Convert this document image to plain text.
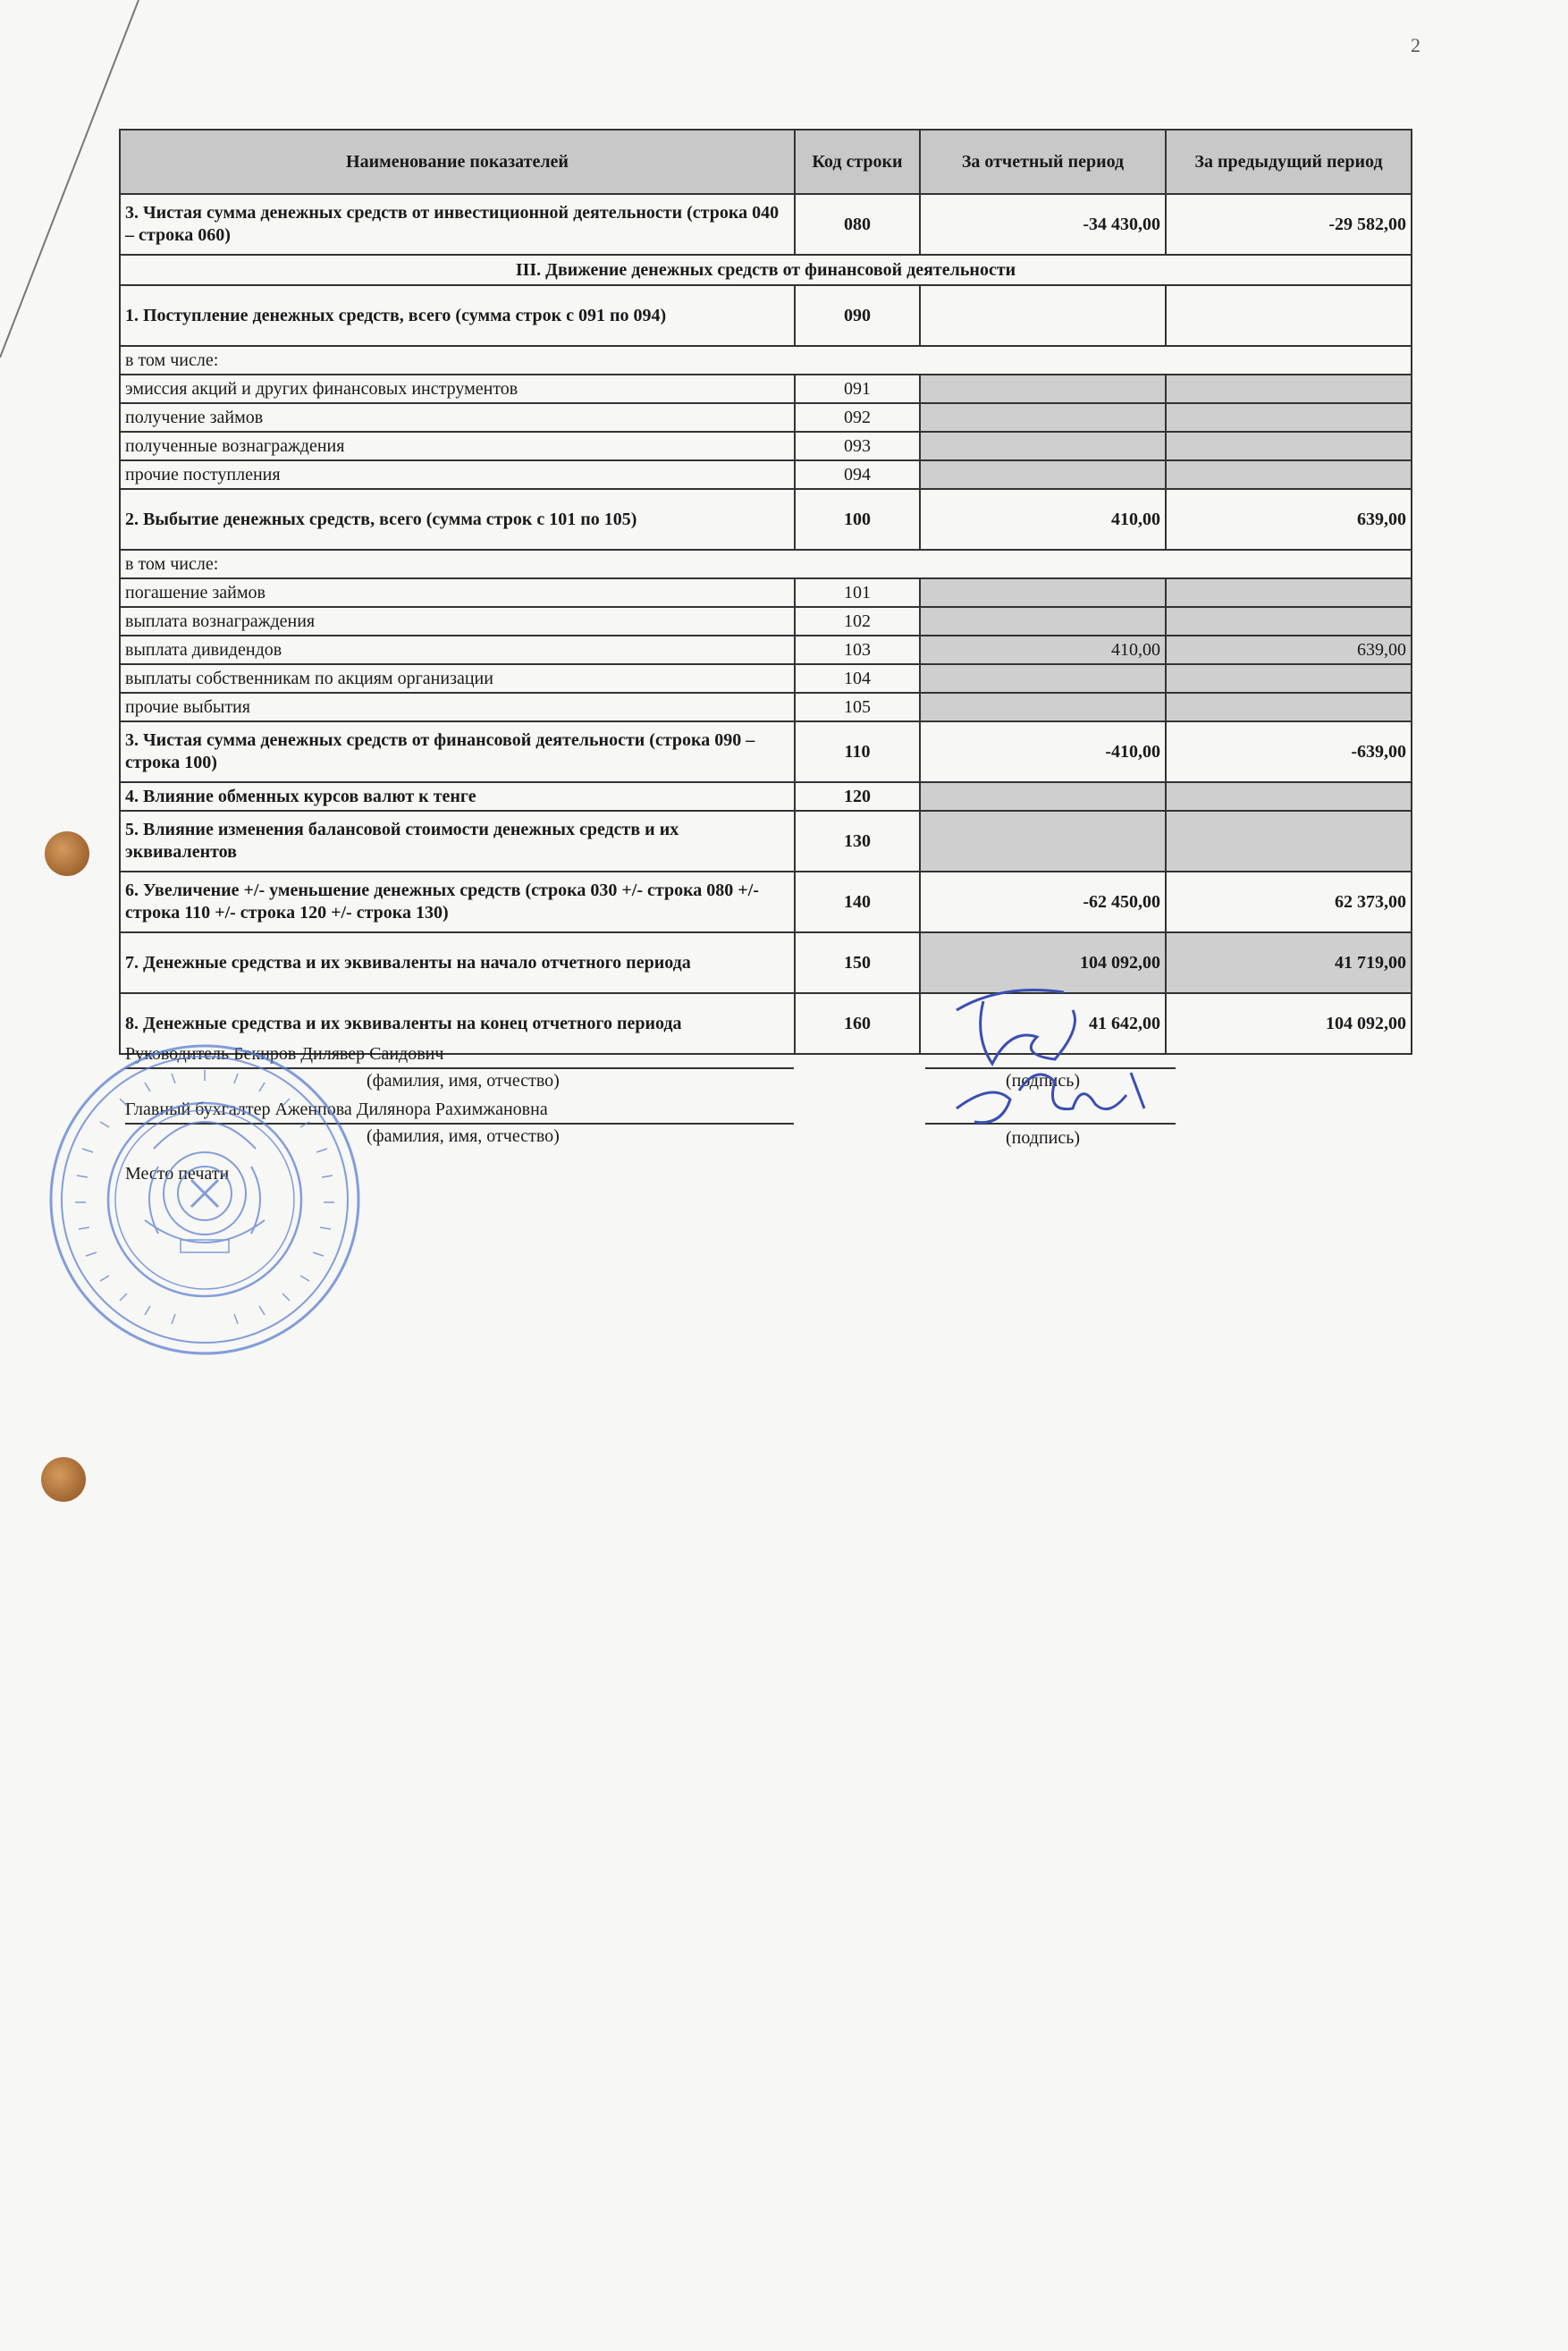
2
Наименование показателей	Код строки	За отчетный период	За предыдущий период
3. Чистая сумма денежных средств от инвестиционной деятельности (строка 040 – строка 060)	080	-34 430,00	-29 582,00
III. Движение денежных средств от финансовой деятельности			
1. Поступление денежных средств, всего (сумма строк с 091 по 094)	090		
в том числе:			
эмиссия акций и других финансовых инструментов	091		
получение займов	092		
полученные вознаграждения	093		
прочие поступления	094		
2. Выбытие денежных средств, всего (сумма строк с 101 по 105)	100	410,00	639,00
в том числе:			
погашение займов	101		
выплата вознаграждения	102		
выплата дивидендов	103	410,00	639,00
выплаты собственникам по акциям организации	104		
прочие выбытия	105		
3. Чистая сумма денежных средств от финансовой деятельности (строка 090 – строка 100)	110	-410,00	-639,00
4. Влияние обменных курсов валют к тенге	120		
5. Влияние изменения балансовой стоимости денежных средств и их эквивалентов	130		
6. Увеличение +/- уменьшение денежных средств (строка 030 +/- строка 080 +/- строка 110 +/- строка 120 +/- строка 130)	140	-62 450,00	62 373,00
7. Денежные средства и их эквиваленты на начало отчетного периода	150	104 092,00	41 719,00
8. Денежные средства и их эквиваленты на конец отчетного периода	160	41 642,00	104 092,00
Руководитель Бекиров Дилявер Саидович
(фамилия, имя, отчество)	(подпись)
Главный бухгалтер Аженпова Дилянора Рахимжановна
(фамилия, имя, отчество)	(подпись)
Место печати
